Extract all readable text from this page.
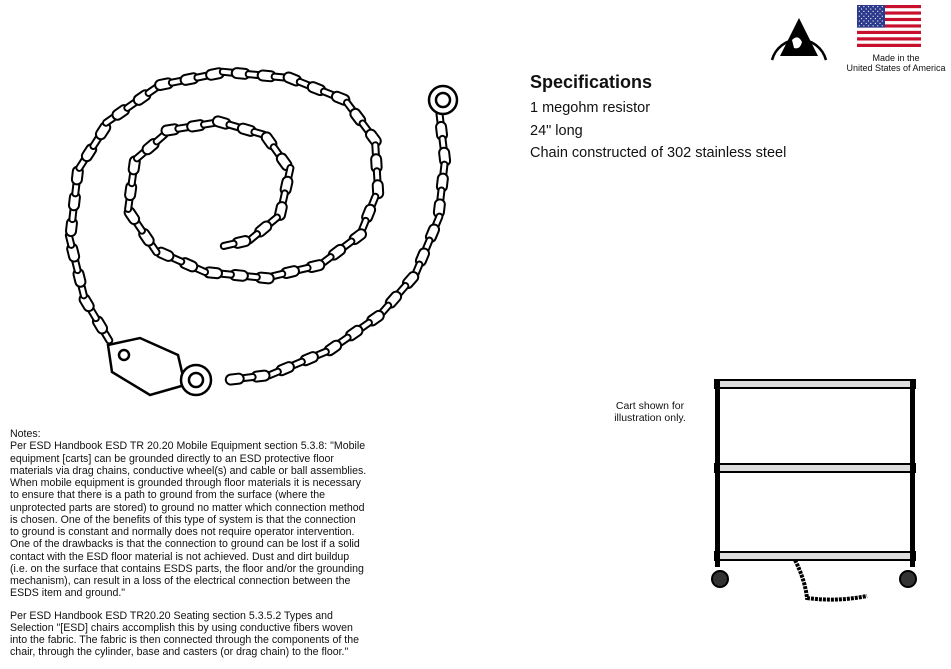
Specifications
1 megohm resistor
24" long
Chain constructed of 302 stainless steel
Made in the
United States of America
Cart shown for
illustration only.
Notes:
Per ESD Handbook ESD TR 20.20 Mobile Equipment section 5.3.8: "Mobile
equipment [carts] can be grounded directly to an ESD protective floor
materials via drag chains, conductive wheel(s) and cable or ball assemblies.
When mobile equipment is grounded through floor materials it is necessary
to ensure that there is a path to ground from the surface (where the
unprotected parts are stored) to ground no matter which connection method
is chosen. One of the benefits of this type of system is that the connection
to ground is constant and normally does not require operator intervention.
One of the drawbacks is that the connection to ground can be lost if a solid
contact with the ESD floor material is not achieved. Dust and dirt buildup
(i.e. on the surface that contains ESDS parts, the floor and/or the grounding
mechanism), can result in a loss of the electrical connection between the
ESDS item and ground."
Per ESD Handbook ESD TR20.20 Seating section 5.3.5.2 Types and
Selection "[ESD] chairs accomplish this by using conductive fibers woven
into the fabric. The fabric is then connected through the components of the
chair, through the cylinder, base and casters (or drag chain) to the floor."
